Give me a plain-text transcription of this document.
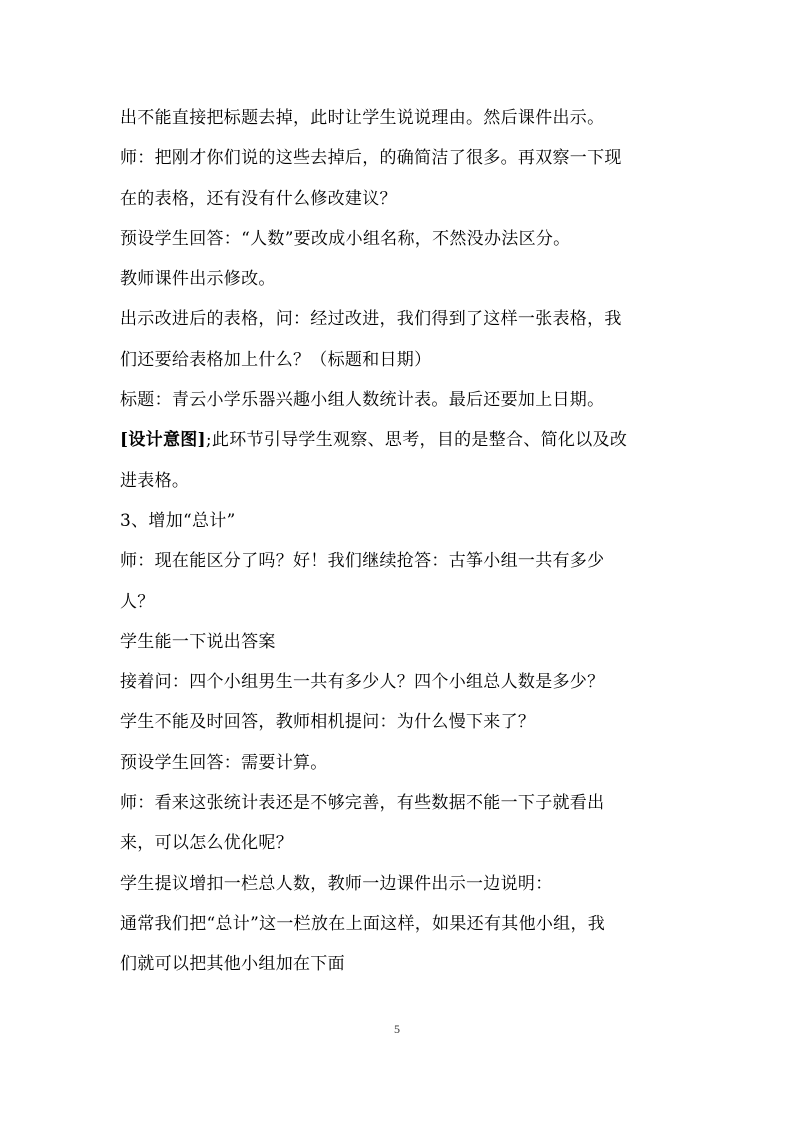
出不能直接把标题去掉，此时让学生说说理由。然后课件出示。
师：把刚才你们说的这些去掉后，的确简洁了很多。再双察一下现
在的表格，还有没有什么修改建议？
预设学生回答：“人数”要改成小组名称，不然没办法区分。
教师课件出示修改。
出示改进后的表格，问：经过改进，我们得到了这样一张表格，我
们还要给表格加上什么？（标题和日期）
标题：青云小学乐器兴趣小组人数统计表。最后还要加上日期。
[设计意图];此环节引导学生观察、思考，目的是整合、简化以及改
进表格。
3、增加“总计”
师：现在能区分了吗？好！我们继续抢答：古筝小组一共有多少
人？
学生能一下说出答案
接着问：四个小组男生一共有多少人？四个小组总人数是多少？
学生不能及时回答，教师相机提问：为什么慢下来了？
预设学生回答：需要计算。
师：看来这张统计表还是不够完善，有些数据不能一下子就看出
来，可以怎么优化呢？
学生提议增扣一栏总人数，教师一边课件出示一边说明：
通常我们把“总计”这一栏放在上面这样，如果还有其他小组，我
们就可以把其他小组加在下面
5
